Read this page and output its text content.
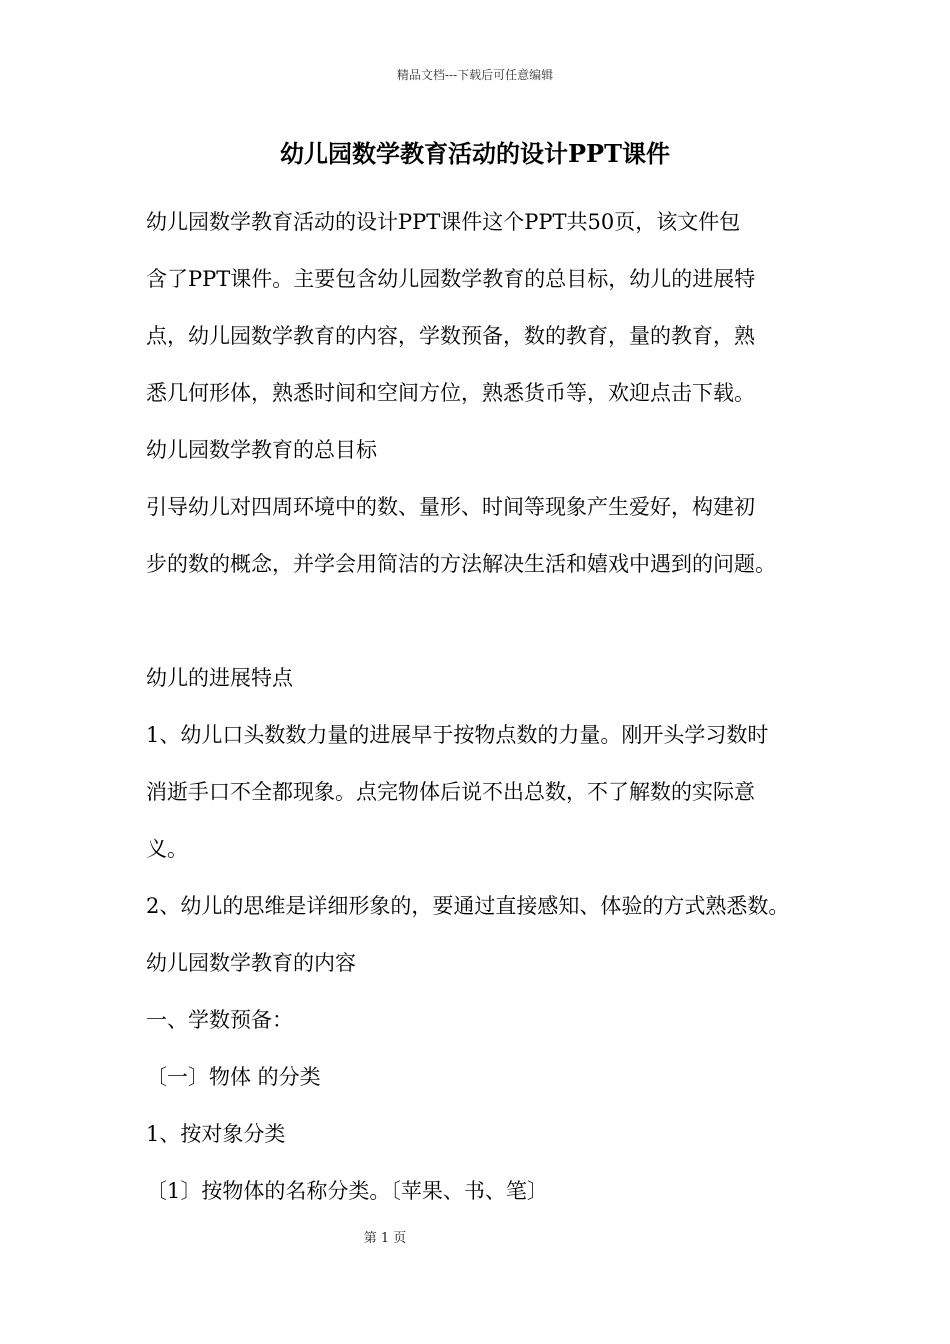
精品文档---下载后可任意编辑
幼儿园数学教育活动的设计PPT课件
幼儿园数学教育活动的设计PPT课件这个PPT共50页，该文件包
含了PPT课件。主要包含幼儿园数学教育的总目标，幼儿的进展特
点，幼儿园数学教育的内容，学数预备，数的教育，量的教育，熟
悉几何形体，熟悉时间和空间方位，熟悉货币等，欢迎点击下载。
幼儿园数学教育的总目标
引导幼儿对四周环境中的数、量形、时间等现象产生爱好，构建初
步的数的概念，并学会用简洁的方法解决生活和嬉戏中遇到的问题。
幼儿的进展特点
1、幼儿口头数数力量的进展早于按物点数的力量。刚开头学习数时
消逝手口不全都现象。点完物体后说不出总数，不了解数的实际意
义。
2、幼儿的思维是详细形象的，要通过直接感知、体验的方式熟悉数。
幼儿园数学教育的内容
一、学数预备：
〔一〕物体 的分类
1、按对象分类
〔1〕按物体的名称分类。〔苹果、书、笔〕
第 1 页
